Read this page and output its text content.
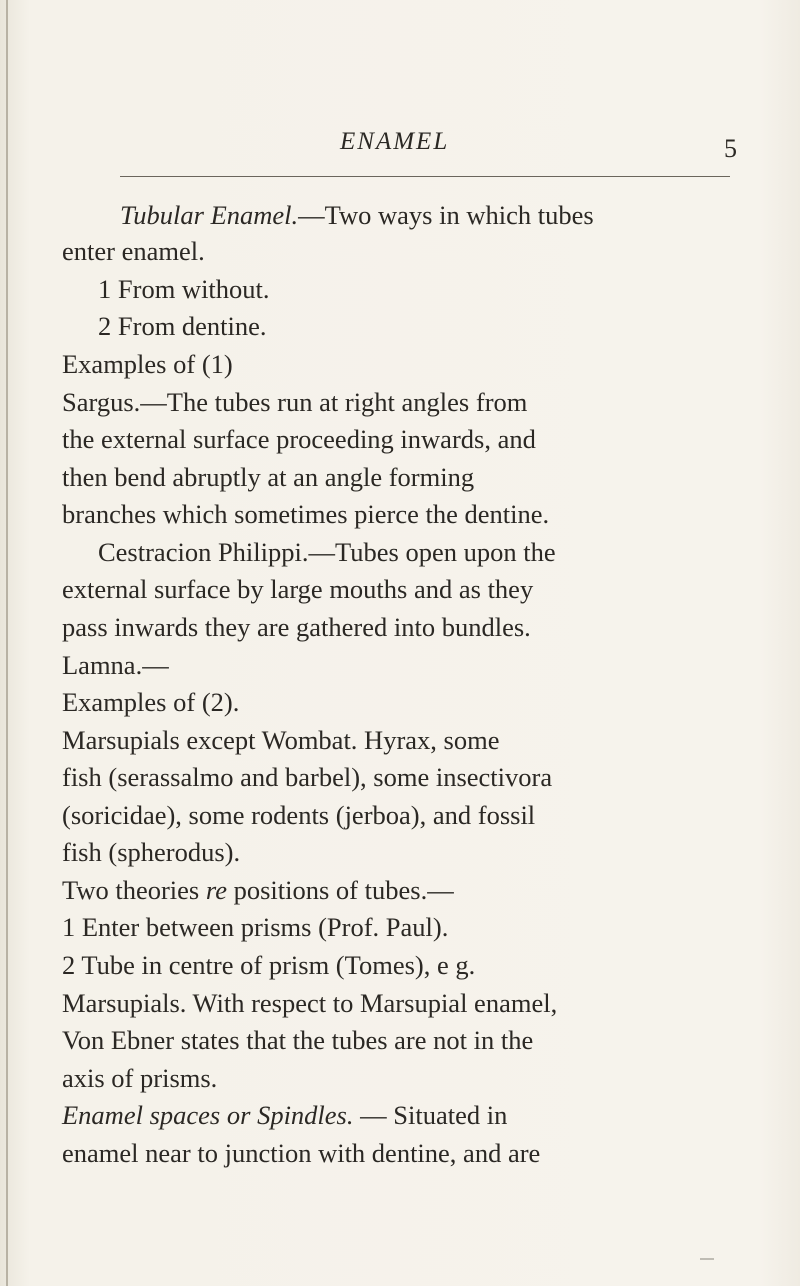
ENAMEL	5

Tubular Enamel.—Two ways in which tubes
enter enamel.
1 From without.
2 From dentine.
Examples of (1)
Sargus.—The tubes run at right angles from
the external surface proceeding inwards, and
then bend abruptly at an angle forming
branches which sometimes pierce the dentine.
Cestracion Philippi.—Tubes open upon the
external surface by large mouths and as they
pass inwards they are gathered into bundles.
Lamna.—
Examples of (2).
Marsupials except Wombat. Hyrax, some
fish (serassalmo and barbel), some insectivora
(soricidae), some rodents (jerboa), and fossil
fish (spherodus).
Two theories re positions of tubes.—
1 Enter between prisms (Prof. Paul).
2 Tube in centre of prism (Tomes), e g.
Marsupials. With respect to Marsupial enamel,
Von Ebner states that the tubes are not in the
axis of prisms.
Enamel spaces or Spindles. — Situated in
enamel near to junction with dentine, and are
